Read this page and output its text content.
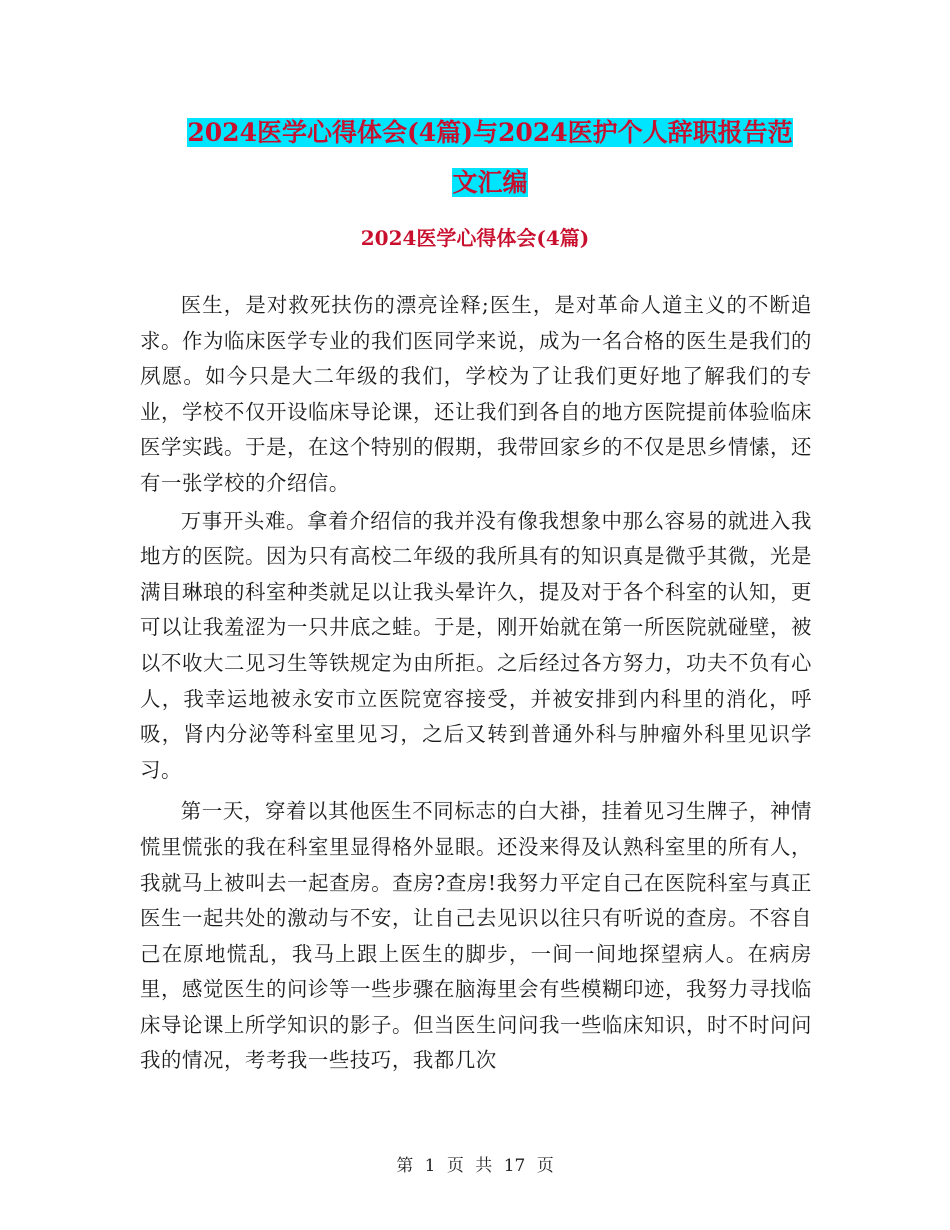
2024医学心得体会(4篇)与2024医护个人辞职报告范
文汇编
2024医学心得体会(4篇)

医生，是对救死扶伤的漂亮诠释;医生，是对革命人道主义的不断追求。作为临床医学专业的我们医同学来说，成为一名合格的医生是我们的夙愿。如今只是大二年级的我们，学校为了让我们更好地了解我们的专业，学校不仅开设临床导论课，还让我们到各自的地方医院提前体验临床医学实践。于是，在这个特别的假期，我带回家乡的不仅是思乡情愫，还有一张学校的介绍信。

万事开头难。拿着介绍信的我并没有像我想象中那么容易的就进入我地方的医院。因为只有高校二年级的我所具有的知识真是微乎其微，光是满目琳琅的科室种类就足以让我头晕许久，提及对于各个科室的认知，更可以让我羞涩为一只井底之蛙。于是，刚开始就在第一所医院就碰壁，被以不收大二见习生等铁规定为由所拒。之后经过各方努力，功夫不负有心人，我幸运地被永安市立医院宽容接受，并被安排到内科里的消化，呼吸，肾内分泌等科室里见习，之后又转到普通外科与肿瘤外科里见识学习。

第一天，穿着以其他医生不同标志的白大褂，挂着见习生牌子，神情慌里慌张的我在科室里显得格外显眼。还没来得及认熟科室里的所有人，我就马上被叫去一起查房。查房?查房!我努力平定自己在医院科室与真正医生一起共处的激动与不安，让自己去见识以往只有听说的查房。不容自己在原地慌乱，我马上跟上医生的脚步，一间一间地探望病人。在病房里，感觉医生的问诊等一些步骤在脑海里会有些模糊印迹，我努力寻找临床导论课上所学知识的影子。但当医生问问我一些临床知识，时不时问问我的情况，考考我一些技巧，我都几次

第 1 页 共 17 页
